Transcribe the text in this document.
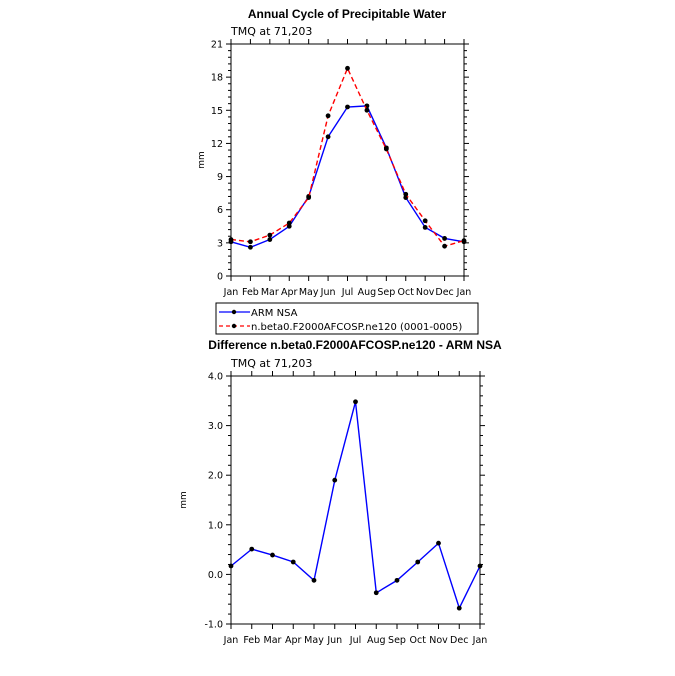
Annual Cycle of Precipitable Water
TMQ at 71,203
mm
0
3
6
9
12
15
18
21
Jan Feb Mar Apr May Jun Jul Aug Sep Oct Nov Dec Jan
ARM NSA
n.beta0.F2000AFCOSP.ne120 (0001-0005)
Difference n.beta0.F2000AFCOSP.ne120 - ARM NSA
TMQ at 71,203
mm
-1.0
0.0
1.0
2.0
3.0
4.0
Jan Feb Mar Apr May Jun Jul Aug Sep Oct Nov Dec Jan
